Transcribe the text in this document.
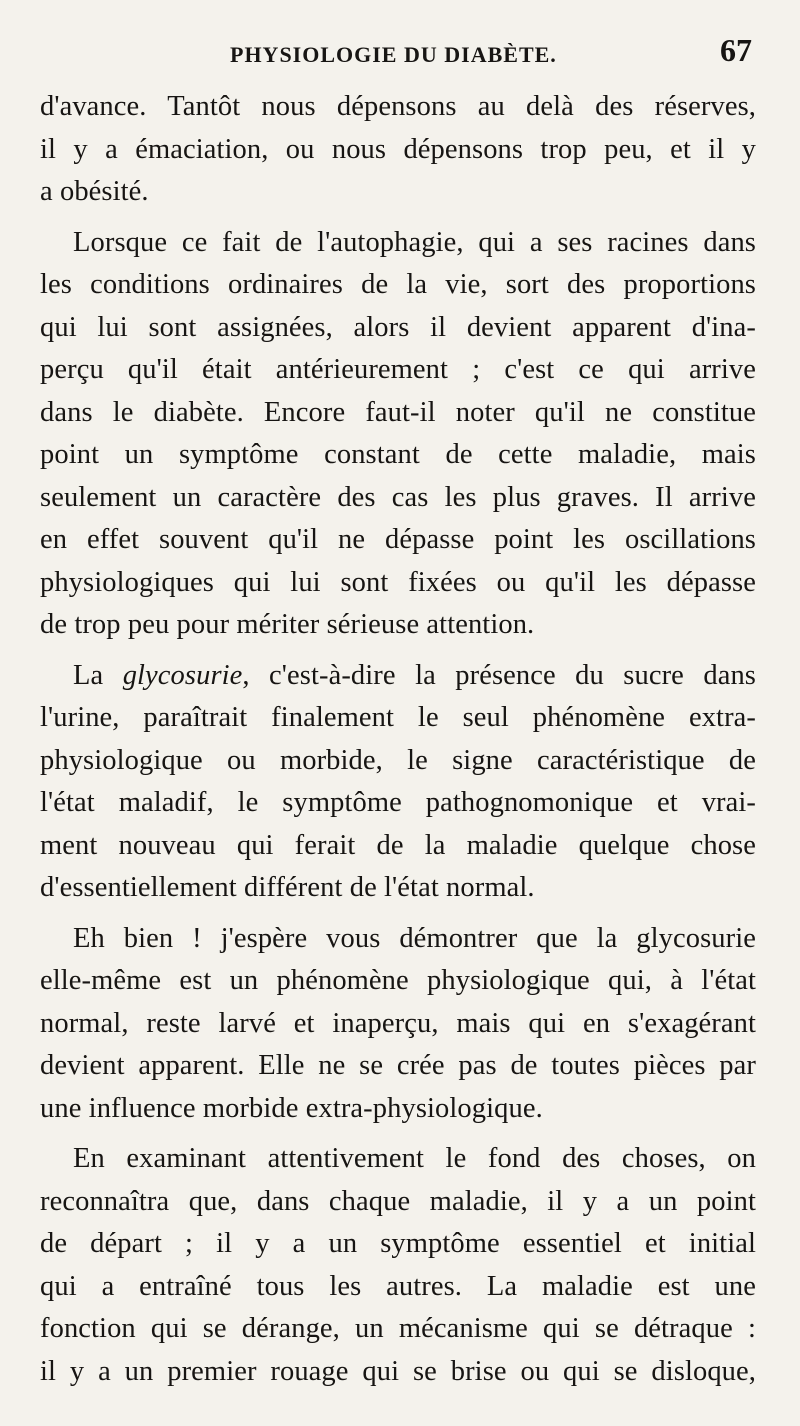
PHYSIOLOGIE DU DIABÈTE.	67

d'avance. Tantôt nous dépensons au delà des réserves,
il y a émaciation, ou nous dépensons trop peu, et il y
a obésité.

Lorsque ce fait de l'autophagie, qui a ses racines dans
les conditions ordinaires de la vie, sort des proportions
qui lui sont assignées, alors il devient apparent d'ina-
perçu qu'il était antérieurement ; c'est ce qui arrive
dans le diabète. Encore faut-il noter qu'il ne constitue
point un symptôme constant de cette maladie, mais
seulement un caractère des cas les plus graves. Il arrive
en effet souvent qu'il ne dépasse point les oscillations
physiologiques qui lui sont fixées ou qu'il les dépasse
de trop peu pour mériter sérieuse attention.

La glycosurie, c'est-à-dire la présence du sucre dans
l'urine, paraîtrait finalement le seul phénomène extra-
physiologique ou morbide, le signe caractéristique de
l'état maladif, le symptôme pathognomonique et vrai-
ment nouveau qui ferait de la maladie quelque chose
d'essentiellement différent de l'état normal.

Eh bien ! j'espère vous démontrer que la glycosurie
elle-même est un phénomène physiologique qui, à l'état
normal, reste larvé et inaperçu, mais qui en s'exagérant
devient apparent. Elle ne se crée pas de toutes pièces par
une influence morbide extra-physiologique.

En examinant attentivement le fond des choses, on
reconnaîtra que, dans chaque maladie, il y a un point
de départ ; il y a un symptôme essentiel et initial
qui a entraîné tous les autres. La maladie est une
fonction qui se dérange, un mécanisme qui se détraque :
il y a un premier rouage qui se brise ou qui se disloque,
